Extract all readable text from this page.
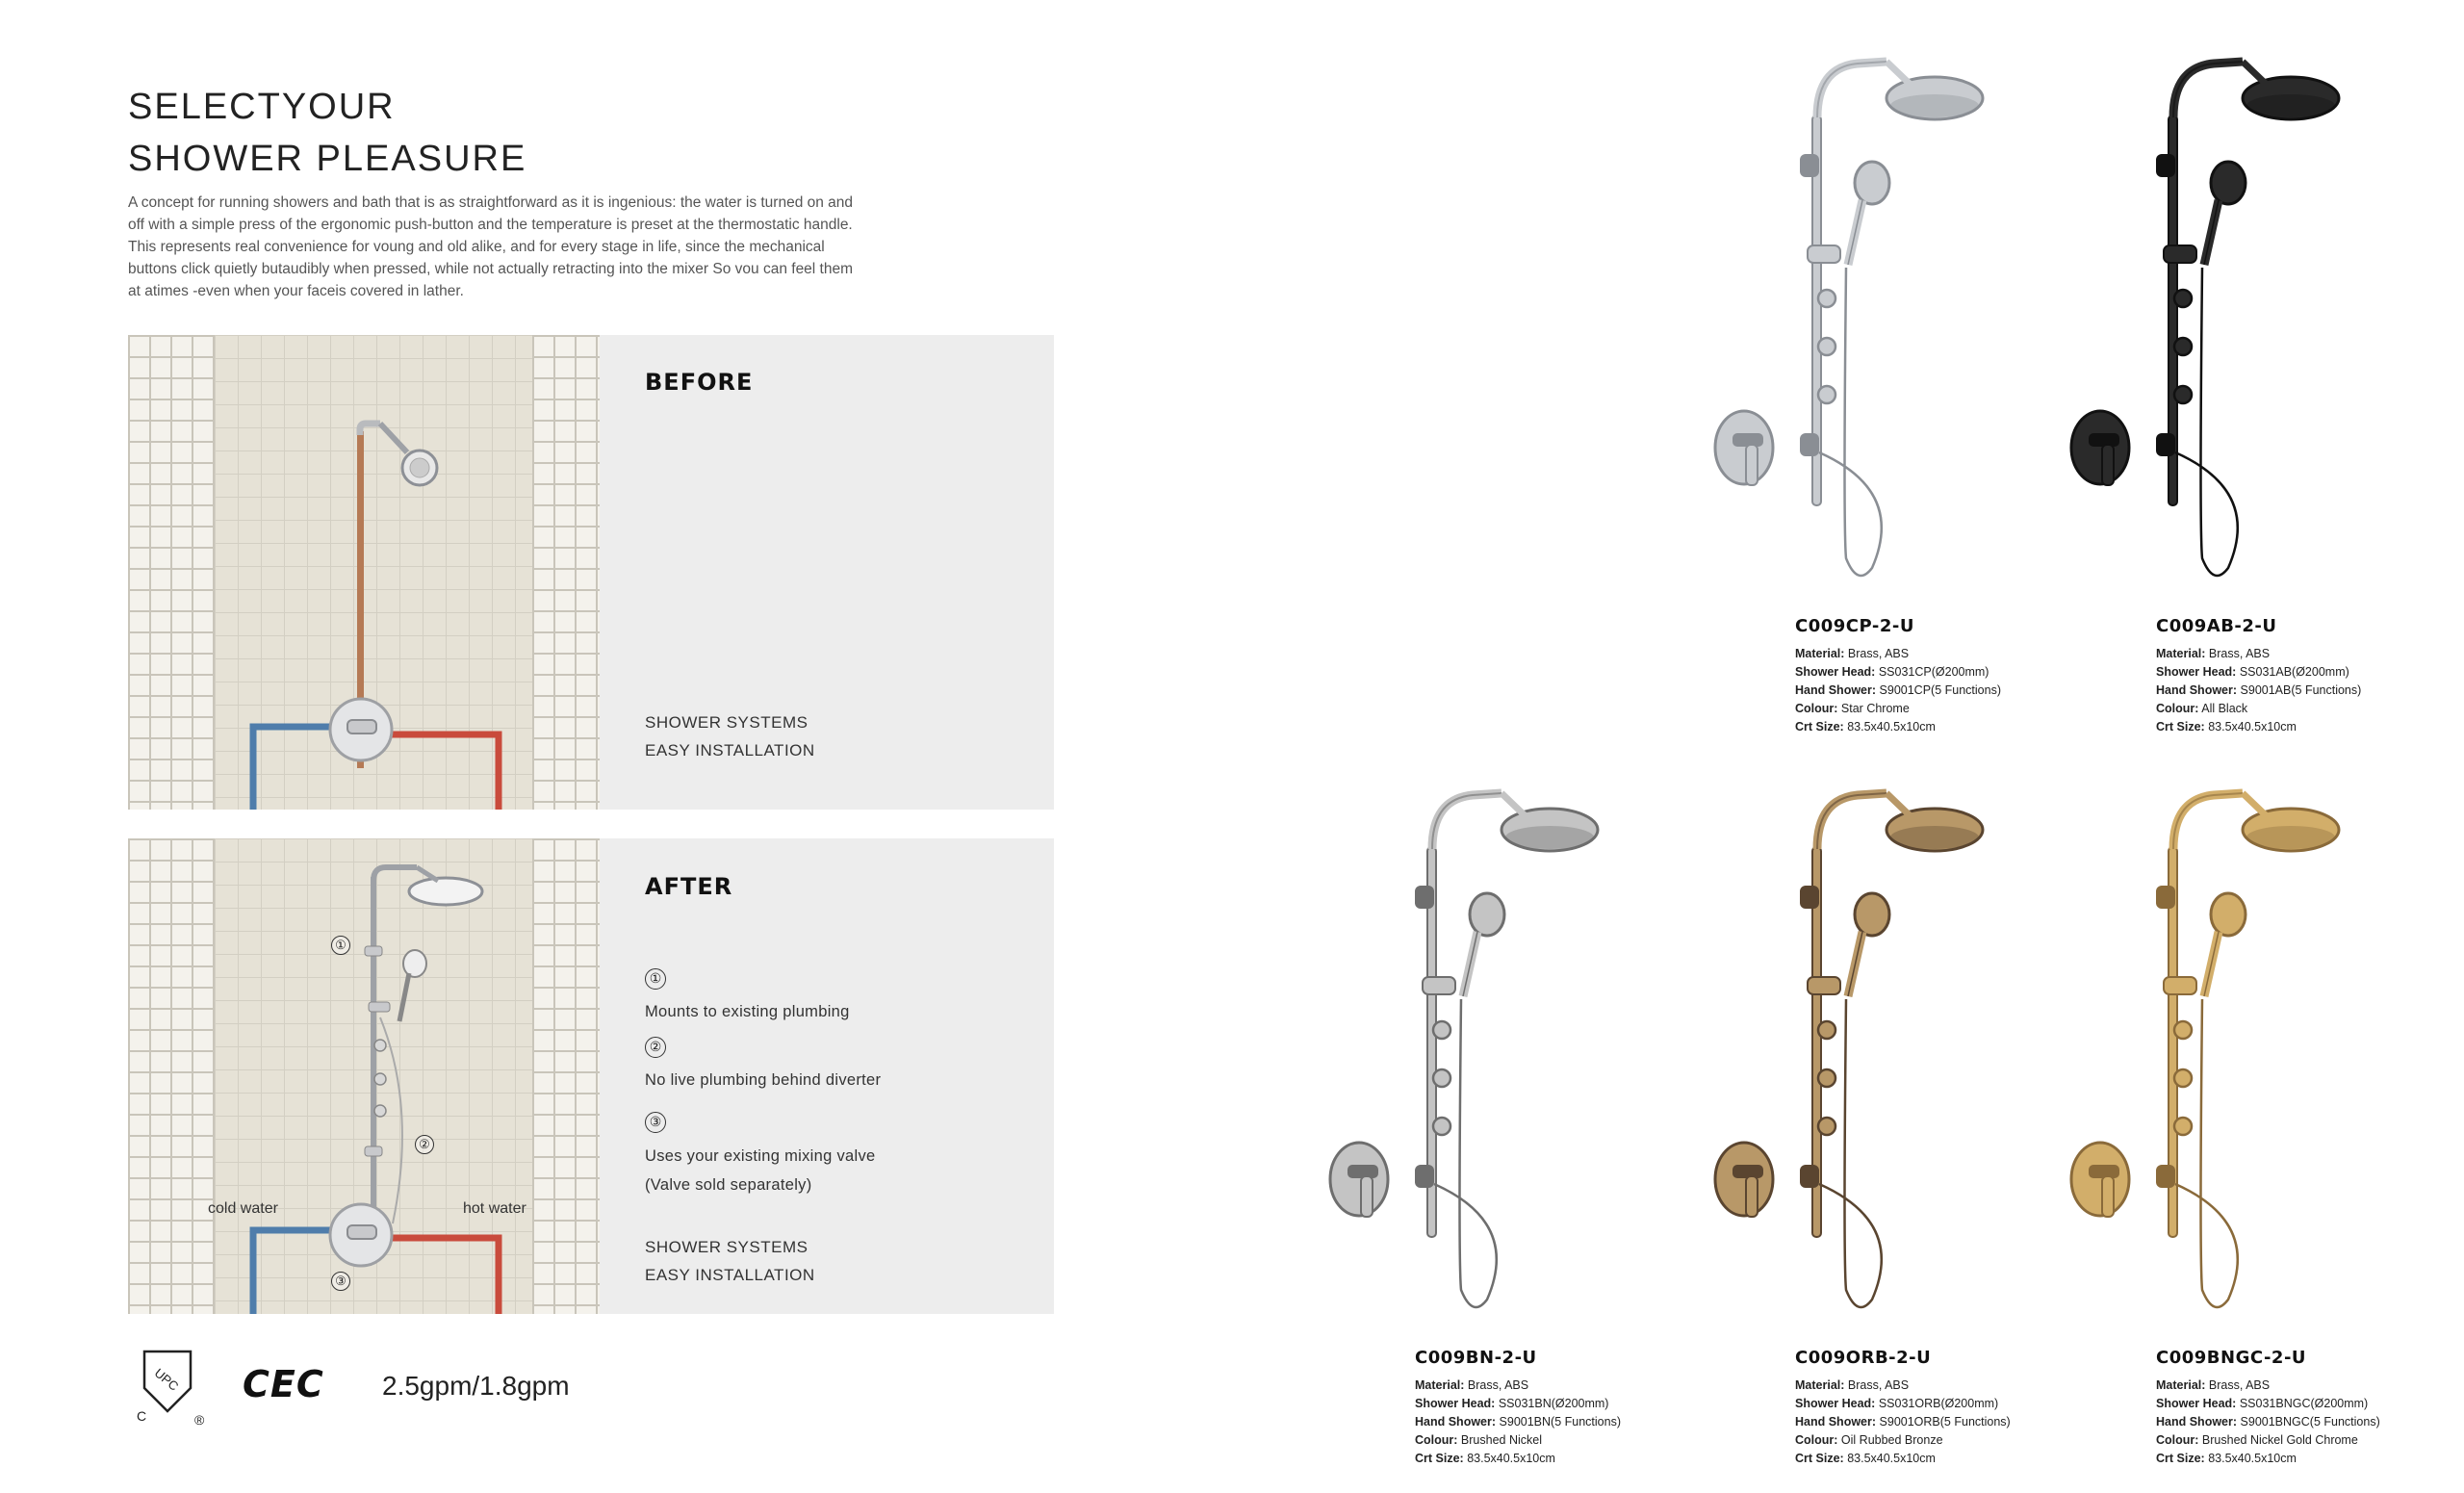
SELECTYOUR
SHOWER PLEASURE
A concept for running showers and bath that is as straightforward as it is ingenious: the water is turned on and
off with a simple press of the ergonomic push-button and the temperature is preset at the thermostatic handle.
This represents real convenience for voung and old alike, and for every stage in life, since the mechanical
buttons click quietly butaudibly when pressed, while not actually retracting into the mixer So vou can feel them
at atimes -even when your faceis covered in lather.
BEFORE
SHOWER SYSTEMS
EASY INSTALLATION
①
②
③
cold water	hot water
AFTER
①
Mounts to existing plumbing
②
No live plumbing behind diverter
③
Uses your existing mixing valve
(Valve sold separately)
SHOWER SYSTEMS
EASY INSTALLATION
UPC
C	®
CEC 2.5gpm/1.8gpm
C009CP-2-U
Material: Brass, ABS
Shower Head: SS031CP(Ø200mm)
Hand Shower: S9001CP(5 Functions)
Colour: Star Chrome
Crt Size: 83.5x40.5x10cm
C009AB-2-U
Material: Brass, ABS
Shower Head: SS031AB(Ø200mm)
Hand Shower: S9001AB(5 Functions)
Colour: All Black
Crt Size: 83.5x40.5x10cm
C009BN-2-U
Material: Brass, ABS
Shower Head: SS031BN(Ø200mm)
Hand Shower: S9001BN(5 Functions)
Colour: Brushed Nickel
Crt Size: 83.5x40.5x10cm
C009ORB-2-U
Material: Brass, ABS
Shower Head: SS031ORB(Ø200mm)
Hand Shower: S9001ORB(5 Functions)
Colour: Oil Rubbed Bronze
Crt Size: 83.5x40.5x10cm
C009BNGC-2-U
Material: Brass, ABS
Shower Head: SS031BNGC(Ø200mm)
Hand Shower: S9001BNGC(5 Functions)
Colour: Brushed Nickel Gold Chrome
Crt Size: 83.5x40.5x10cm
